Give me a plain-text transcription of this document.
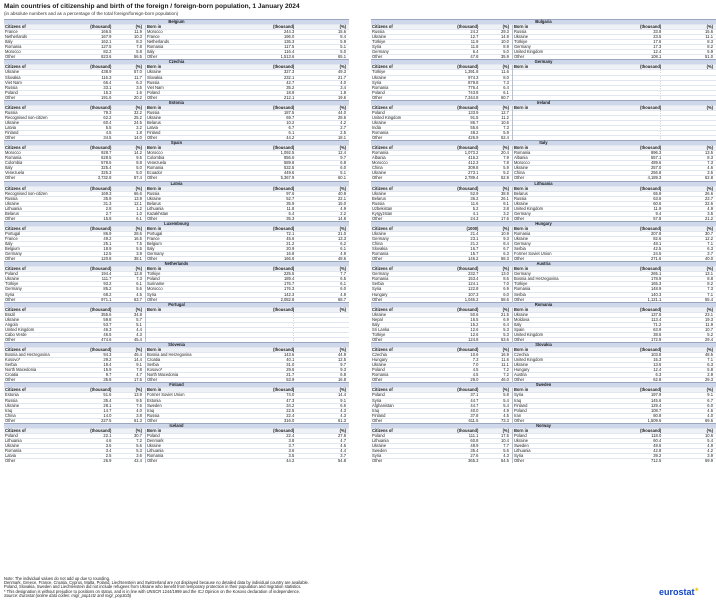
Main countries of citizenship and birth of the foreign / foreign-born population, 1 January 2024
(in absolute numbers and as a percentage of the total foreign/foreign-born population)
Belgium					
Citizens of	(thousand)	(%)	Born in	(thousand)	(%)
France	166.5	11.9	Morocco	244.3	15.6
Netherlands	167.9	10.3	France	196.0	8.4
Italy	162.1	8.3	Netherlands	136.3	5.9
Romania	127.5	7.8	Romania	117.5	5.1
Morocco	82.2	5.8	Italy	116.4	5.0
Other	823.6	56.5	Other	1,513.6	65.1
Czechia					
Citizens of	(thousand)	(%)	Born in	(thousand)	(%)
Ukraine	438.9	57.0	Ukraine	327.3	49.3
Slovakia	116.3	11.7	Slovakia	232.1	21.7
Viet Nam	66.4	6.3	Russia	42.7	4.0
Russia	33.1	3.5	Viet Nam	35.2	3.4
Poland	15.3	1.6	Poland	18.9	1.8
Other	191.6	20.2	Other	212.1	19.6
Estonia					
Citizens of	(thousand)	(%)	Born in	(thousand)	(%)
Russia	79.3	32.2	Russia	187.5	44.0
Recognised non-citizen	62.2	25.2	Ukraine	69.7	28.6
Ukraine	60.4	24.5	Belarus	10.2	4.2
Latvia	5.5	2.2	Latvia	6.7	2.7
Finland	4.5	1.8	Finland	6.1	2.5
Other	34.5	14.0	Other	44.2	18.1
Spain					
Citizens of	(thousand)	(%)	Born in	(thousand)	(%)
Morocco	928.7	14.2	Morocco	1,092.5	12.4
Romania	628.5	9.5	Colombia	856.6	9.7
Colombia	578.5	8.8	Venezuela	589.8	6.8
Italy	325.4	5.0	Romania	532.5	6.0
Venezuela	325.3	5.0	Ecuador	449.6	5.1
Other	3,732.8	57.4	Other	5,367.9	60.1
Latvia					
Citizens of	(thousand)	(%)	Born in	(thousand)	(%)
Recognised non-citizen	169.3	66.6	Russia	97.6	40.9
Russia	35.9	13.9	Ukraine	52.7	22.1
Ukraine	31.3	12.1	Belarus	35.9	15.0
Lithuania	2.8	1.2	Lithuania	11.8	4.9
Belarus	2.7	1.0	Kazakhstan	5.4	2.2
Other	15.8	6.1	Other	35.3	14.8
Luxembourg					
Citizens of	(thousand)	(%)	Born in	(thousand)	(%)
Portugal	86.9	28.6	Portugal	72.1	21.0
France	49.2	16.5	France	45.6	13.3
Italy	25.1	7.5	Belgium	21.2	6.2
Belgium	18.9	5.5	Italy	20.9	6.1
Germany	12.5	3.9	Germany	16.8	4.9
Other	120.8	38.1	Other	166.6	48.6
Netherlands					
Citizens of	(thousand)	(%)	Born in	(thousand)	(%)
Poland	194.4	12.8	Türkiye	225.5	7.7
Ukraine	111.7	7.3	Poland	189.4	6.5
Türkiye	93.2	6.1	Suriname	176.7	6.1
Germany	85.2	5.6	Morocco	176.3	6.0
Syria	68.2	4.5	Syria	142.3	4.9
Other	971.1	63.7	Other	2,082.8	68.7
Portugal					
Citizens of	(thousand)	(%)	Born in	(thousand)	(%)
Brazil	355.6	34.8		:	
Ukraine	59.8	5.7		:	
Angola	53.7	5.1		:	
United Kingdom	46.3	4.4		:	
Cabo Verde	46.5	4.3		:	
Other	474.6	45.4		:	
Slovenia					
Citizens of	(thousand)	(%)	Born in	(thousand)	(%)
Bosnia and Herzegovina	94.3	46.4	Bosnia and Herzegovina	143.6	44.9
Kosovo*	29.2	14.4	Croatia	40.1	12.5
Serbia	18.4	9.1	Serbia	31.0	9.7
North Macedonia	15.9	7.8	Kosovo*	29.6	9.3
Croatia	9.7	4.7	North Macedonia	21.7	6.8
Other	35.8	17.6	Other	53.9	16.8
Finland					
Citizens of	(thousand)	(%)	Born in	(thousand)	(%)
Estonia	51.6	13.9	Former Soviet Union	74.0	14.4
Russia	35.4	9.5	Estonia	47.3	9.1
Ukraine	28.1	7.6	Sweden	34.2	6.6
Iraq	14.7	4.0	Iraq	22.5	4.3
China	14.0	3.8	Russia	22.4	4.3
Other	227.5	61.3	Other	316.0	61.3
Iceland					
Citizens of	(thousand)	(%)	Born in	(thousand)	(%)
Poland	22.1	30.7	Poland	22.4	27.8
Lithuania	4.6	7.2	Denmark	3.8	4.7
Ukraine	3.6	5.6	Ukraine	3.7	4.6
Romania	3.4	5.3	Lithuania	3.6	4.4
Latvia	2.5	3.6	Romania	3.5	3.7
Other	26.9	42.4	Other	44.2	54.8
Bulgaria					
Citizens of	(thousand)	(%)	Born in	(thousand)	(%)
Russia	24.2	29.3	Russia	33.8	15.6
Ukraine	12.7	14.9	Ukraine	23.5	11.1
Türkiye	11.9	10.0	Türkiye	17.6	8.3
Syria	11.8	8.9	Germany	17.3	8.2
Germany	6.4	5.0	United Kingdom	12.4	5.9
Other	47.8	35.9	Other	108.1	51.0
Germany					
Citizens of	(thousand)	(%)	Born in	(thousand)	(%)
Türkiye	1,391.8	11.6		:	
Ukraine	974.3	8.0		:	
Syria	879.8	7.3		:	
Romania	776.4	6.4		:	
Poland	743.8	6.1		:	
Other	7,344.8	60.7		:	
Ireland					
Citizens of	(thousand)	(%)	Born in	(thousand)	(%)
Poland	133.9	12.7		:	
United Kingdom	91.5	11.2		:	
Ukraine	86.7	10.6		:	
India	55.6	7.3		:	
Romania	48.2	5.9		:	
Other	426.9	52.4		:	
Italy					
Citizens of	(thousand)	(%)	Born in	(thousand)	(%)
Romania	1,073.2	20.4	Romania	896.3	13.5
Albania	416.2	7.9	Albania	557.1	8.3
Morocco	412.3	7.8	Morocco	489.6	7.3
China	309.8	5.9	Ukraine	257.0	4.6
Ukraine	273.1	5.2	China	256.8	3.5
Other	2,789.4	52.9	Other	4,189.3	62.8
Lithuania					
Citizens of	(thousand)	(%)	Born in	(thousand)	(%)
Ukraine	52.9	38.9	Belarus	65.9	26.6
Belarus	36.2	26.1	Russia	63.6	23.7
Russia	11.6	8.1	Ukraine	60.6	22.6
Uzbekistan	5.2	3.8	United Kingdom	11.9	4.9
Kyrgyzstan	4.1	3.2	Germany	9.4	3.5
Other	24.3	17.6	Other	57.8	21.2
Hungary					
Citizens of	(1000)	(%)	Born in	(thousand)	(%)
Ukraine	21.4	10.9	Romania	207.8	30.7
Germany	23.1	9.3	Ukraine	82.6	12.2
China	21.2	8.4	Germany	48.1	7.1
Slovakia	16.7	6.7	Serbia	42.5	6.3
Romania	15.7	6.3	Former Soviet Union	24.5	3.7
Other	146.2	58.3	Other	271.6	40.0
Austria					
Citizens of	(thousand)	(%)	Born in	(thousand)	(%)
Germany	232.7	13.0	Germany	265.1	13.1
Romania	153.4	8.6	Bosnia and Herzegovina	178.9	8.8
Serbia	124.1	7.0	Türkiye	165.3	8.2
Syria	122.8	6.9	Romania	148.9	7.3
Hungary	107.3	6.0	Serbia	140.3	7.1
Other	1,046.2	58.6	Other	1,121.1	55.4
Romania					
Citizens of	(thousand)	(%)	Born in	(thousand)	(%)
Ukraine	50.6	21.5	Ukraine	137.8	23.1
Nepal	16.5	6.9	Moldova	113.4	19.3
Italy	15.2	6.4	Italy	71.2	11.9
Sri Lanka	12.6	5.3	Spain	63.9	10.7
Türkiye	12.6	5.3	United Kingdom	38.6	5.2
Other	124.8	53.6	Other	172.9	29.4
Slovakia					
Citizens of	(thousand)	(%)	Born in	(thousand)	(%)
Czechia	10.6	16.9	Czechia	103.8	48.5
Hungary	7.3	11.6	United Kingdom	15.3	7.1
Ukraine	7.0	11.1	Ukraine	13.6	6.3
Poland	4.5	7.2	Hungary	12.4	5.8
Romania	4.5	7.2	Austria	6.3	2.9
Other	29.0	46.0	Other	62.8	29.3
Sweden					
Citizens of	(thousand)	(%)	Born in	(thousand)	(%)
Poland	37.1	5.8	Syria	197.9	9.1
Syria	44.7	5.4	Iraq	145.6	6.7
Afghanistan	44.7	5.4	Finland	129.4	6.0
Iraq	40.0	4.9	Poland	108.7	4.6
Finland	37.8	4.5	Iran	80.8	4.0
Other	611.5	73.3	Other	1,509.6	69.6
Norway					
Citizens of	(thousand)	(%)	Born in	(thousand)	(%)
Poland	111.1	17.5	Poland	118.0	10.6
Lithuania	60.8	10.4	Ukraine	60.4	5.4
Ukraine	48.9	7.7	Sweden	48.6	4.9
Sweden	35.4	5.6	Lithuania	42.8	4.2
Syria	27.6	4.3	Syria	39.2	3.9
Other	365.3	54.5	Other	712.5	69.9
Note: The individual values do not add up due to rounding.
Denmark, Greece, France, Croatia, Cyprus, Malta, Poland, Liechtenstein and Switzerland are not displayed because no detailed data by individual country are available.
Poland, Slovakia, Sweden and Liechtenstein did not include refugees from Ukraine who benefit from temporary protection in their population and migration statistics.
* This designation is without prejudice to positions on status, and is in line with UNSCR 1244/1999 and the ICJ Opinion on the Kosovo declaration of independence.
Source: Eurostat (online data codes: migr_pop1ctz and migr_pop3ctb)	eurostat★
